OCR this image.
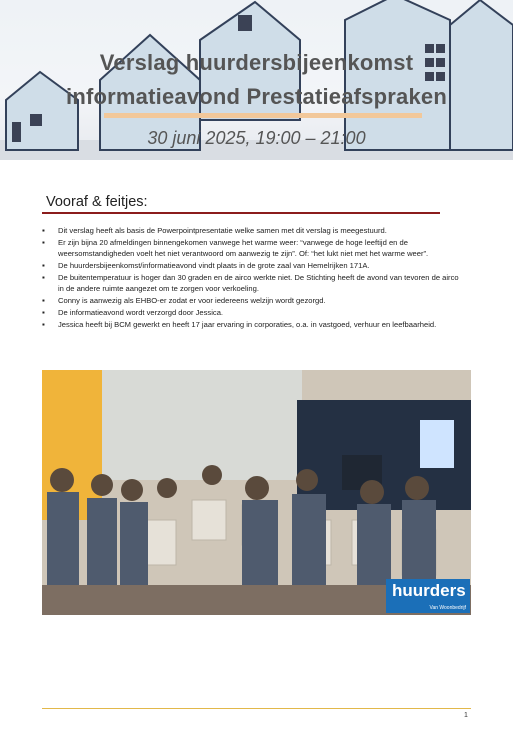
Verslag huurdersbijeenkomst
informatieavond Prestatieafspraken
30 juni 2025, 19:00 – 21:00
Vooraf & feitjes:
▪ Dit verslag heeft als basis de Powerpointpresentatie welke samen met dit verslag is meegestuurd.
▪ Er zijn bijna 20 afmeldingen binnengekomen vanwege het warme weer: “vanwege de hoge leeftijd en de weersomstandigheden voelt het niet verantwoord om aanwezig te zijn”. Of: “het lukt niet met het warme weer”.
▪ De huurdersbijeenkomst/informatieavond vindt plaats in de grote zaal van Hemelrijken 171A.
▪ De buitentemperatuur is hoger dan 30 graden en de airco werkte niet. De Stichting heeft de avond van tevoren de airco in de andere ruimte aangezet om te zorgen voor verkoeling.
▪ Conny is aanwezig als EHBO-er zodat er voor iedereens welzijn wordt gezorgd.
▪ De informatieavond wordt verzorgd door Jessica.
▪ Jessica heeft bij BCM gewerkt en heeft 17 jaar ervaring in corporaties, o.a. in vastgoed, verhuur en leefbaarheid.
huurders
Van Woonbedrijf
1
